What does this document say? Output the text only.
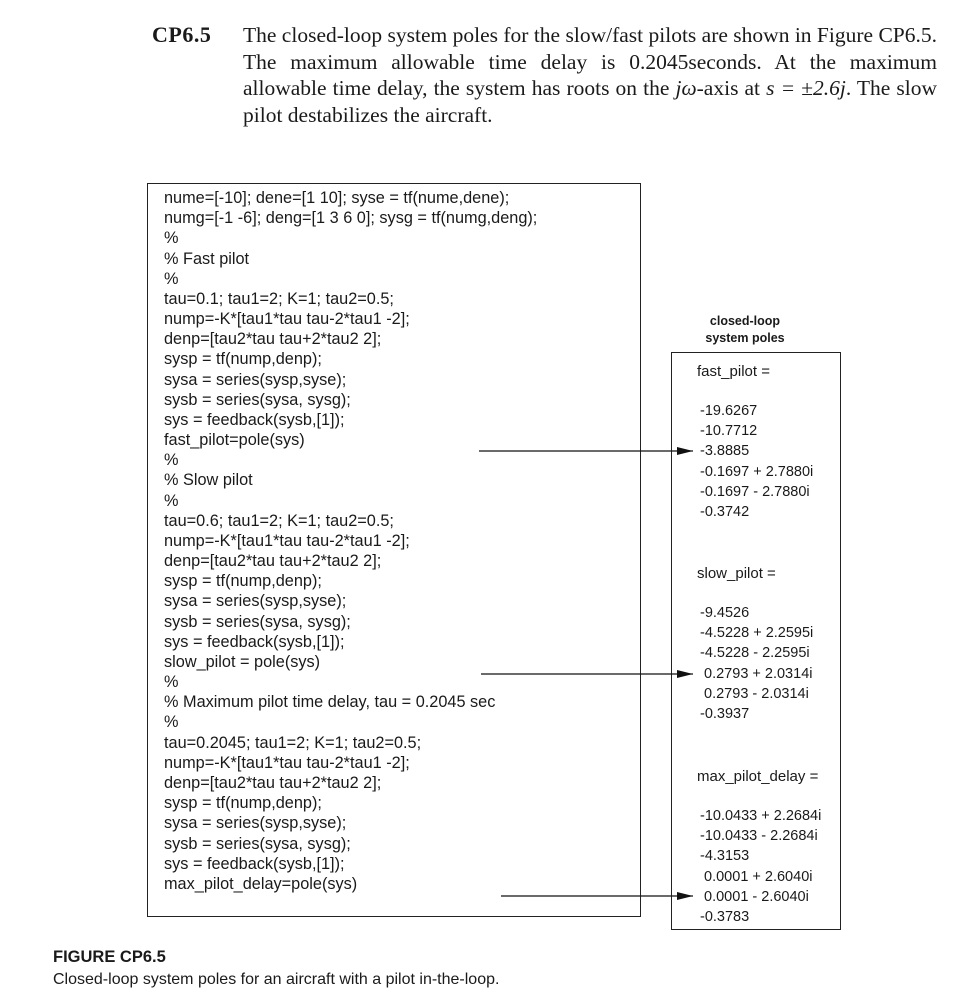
CP6.5 The closed-loop system poles for the slow/fast pilots are shown in Figure CP6.5. The maximum allowable time delay is 0.2045seconds. At the maximum allowable time delay, the system has roots on the jω-axis at s = ±2.6j. The slow pilot destabilizes the aircraft.
nume=[-10]; dene=[1 10]; syse = tf(nume,dene);
numg=[-1 -6]; deng=[1 3 6 0]; sysg = tf(numg,deng);
%
% Fast pilot
%
tau=0.1; tau1=2; K=1; tau2=0.5;
nump=-K*[tau1*tau tau-2*tau1 -2];
denp=[tau2*tau tau+2*tau2 2];
sysp = tf(nump,denp);
sysa = series(sysp,syse);
sysb = series(sysa, sysg);
sys = feedback(sysb,[1]);
fast_pilot=pole(sys)
%
% Slow pilot
%
tau=0.6; tau1=2; K=1; tau2=0.5;
nump=-K*[tau1*tau tau-2*tau1 -2];
denp=[tau2*tau tau+2*tau2 2];
sysp = tf(nump,denp);
sysa = series(sysp,syse);
sysb = series(sysa, sysg);
sys = feedback(sysb,[1]);
slow_pilot = pole(sys)
%
% Maximum pilot time delay, tau = 0.2045 sec
%
tau=0.2045; tau1=2; K=1; tau2=0.5;
nump=-K*[tau1*tau tau-2*tau1 -2];
denp=[tau2*tau tau+2*tau2 2];
sysp = tf(nump,denp);
sysa = series(sysp,syse);
sysb = series(sysa, sysg);
sys = feedback(sysb,[1]);
max_pilot_delay=pole(sys)
closed-loop
system poles
fast_pilot =
-19.6267
-10.7712
-3.8885
-0.1697 + 2.7880i
-0.1697 - 2.7880i
-0.3742
slow_pilot =
-9.4526
-4.5228 + 2.2595i
-4.5228 - 2.2595i
0.2793 + 2.0314i
0.2793 - 2.0314i
-0.3937
max_pilot_delay =
-10.0433 + 2.2684i
-10.0433 - 2.2684i
-4.3153
0.0001 + 2.6040i
0.0001 - 2.6040i
-0.3783
FIGURE CP6.5
Closed-loop system poles for an aircraft with a pilot in-the-loop.
